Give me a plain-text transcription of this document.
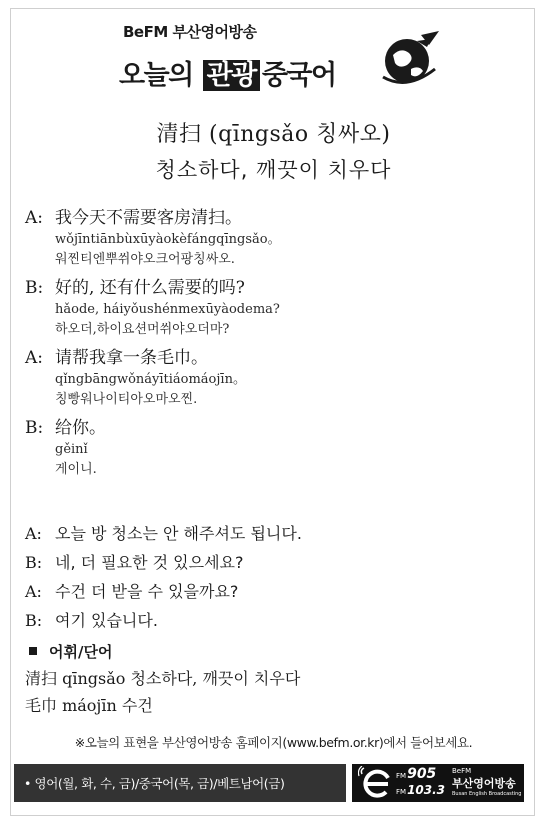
BeFM 부산영어방송
오늘의 관광 중국어
清扫 (qīngsǎo 칭싸오)
청소하다, 깨끗이 치우다
A: 我今天不需要客房清扫。
wǒjīntiānbùxūyàokèfángqīngsǎo。
워찐티엔뿌쒸야오크어팡칭싸오.
B: 好的, 还有什么需要的吗?
hǎode, háiyǒushénmexūyàodema?
하오더,하이요션머쒸야오더마?
A: 请帮我拿一条毛巾。
qǐngbāngwǒnáyītiáomáojīn。
칭빵워나이티아오마오찐.
B: 给你。
gěinǐ
게이니.
A: 오늘 방 청소는 안 해주셔도 됩니다.
B: 네, 더 필요한 것 있으세요?
A: 수건 더 받을 수 있을까요?
B: 여기 있습니다.
어휘/단어
清扫 qīngsǎo 청소하다, 깨끗이 치우다
毛巾 máojīn 수건
※오늘의 표현을 부산영어방송 홈페이지(www.befm.or.kr)에서 들어보세요.
• 영어(월, 화, 수, 금)/중국어(목, 금)/베트남어(금)	FM905
FM103.3
BeFM
부산영어방송
Busan English Broadcasting
